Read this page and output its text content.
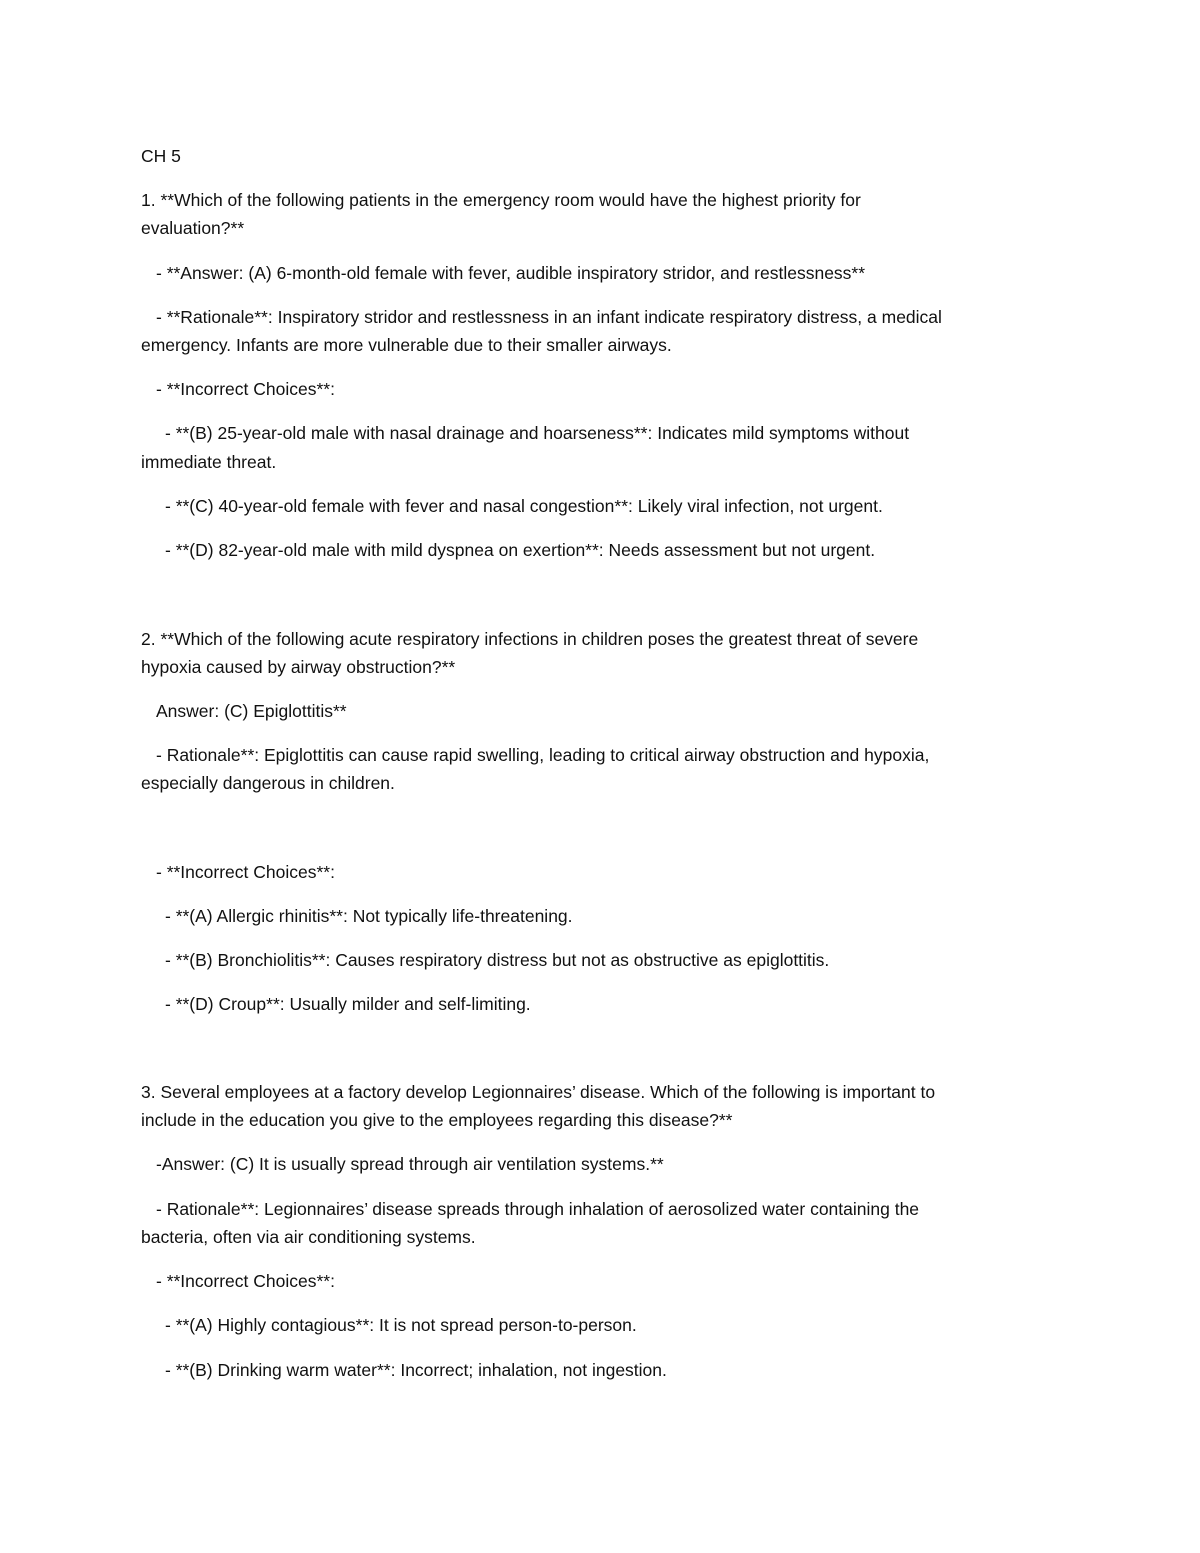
CH 5
1. **Which of the following patients in the emergency room would have the highest priority for
evaluation?**
- **Answer: (A) 6-month-old female with fever, audible inspiratory stridor, and restlessness**
- **Rationale**: Inspiratory stridor and restlessness in an infant indicate respiratory distress, a medical
emergency. Infants are more vulnerable due to their smaller airways.
- **Incorrect Choices**:
- **(B) 25-year-old male with nasal drainage and hoarseness**: Indicates mild symptoms without
immediate threat.
- **(C) 40-year-old female with fever and nasal congestion**: Likely viral infection, not urgent.
- **(D) 82-year-old male with mild dyspnea on exertion**: Needs assessment but not urgent.
2. **Which of the following acute respiratory infections in children poses the greatest threat of severe
hypoxia caused by airway obstruction?**
Answer: (C) Epiglottitis**
- Rationale**: Epiglottitis can cause rapid swelling, leading to critical airway obstruction and hypoxia,
especially dangerous in children.
- **Incorrect Choices**:
- **(A) Allergic rhinitis**: Not typically life-threatening.
- **(B) Bronchiolitis**: Causes respiratory distress but not as obstructive as epiglottitis.
- **(D) Croup**: Usually milder and self-limiting.
3. Several employees at a factory develop Legionnaires’ disease. Which of the following is important to
include in the education you give to the employees regarding this disease?**
-Answer: (C) It is usually spread through air ventilation systems.**
- Rationale**: Legionnaires’ disease spreads through inhalation of aerosolized water containing the
bacteria, often via air conditioning systems.
- **Incorrect Choices**:
- **(A) Highly contagious**: It is not spread person-to-person.
- **(B) Drinking warm water**: Incorrect; inhalation, not ingestion.
